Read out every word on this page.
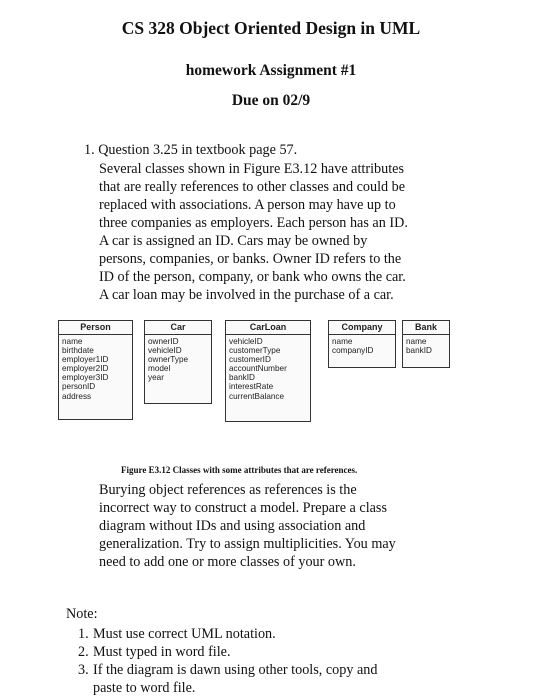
CS 328 Object Oriented Design in UML
homework Assignment #1
Due on 02/9
1. Question 3.25 in textbook page 57.
Several classes shown in Figure E3.12 have attributes
that are really references to other classes and could be
replaced with associations. A person may have up to
three companies as employers. Each person has an ID.
A car is assigned an ID. Cars may be owned by
persons, companies, or banks. Owner ID refers to the
ID of the person, company, or bank who owns the car.
A car loan may be involved in the purchase of a car.
Person
name
birthdate
employer1ID
employer2ID
employer3ID
personID
address
Car
ownerID
vehicleID
ownerType
model
year
CarLoan
vehicleID
customerType
customerID
accountNumber
bankID
interestRate
currentBalance
Company
name
companyID
Bank
name
bankID
Figure E3.12 Classes with some attributes that are references.
Burying object references as references is the
incorrect way to construct a model. Prepare a class
diagram without IDs and using association and
generalization. Try to assign multiplicities. You may
need to add one or more classes of your own.
Note:
1. Must use correct UML notation.
2. Must typed in word file.
3. If the diagram is dawn using other tools, copy and
paste to word file.
